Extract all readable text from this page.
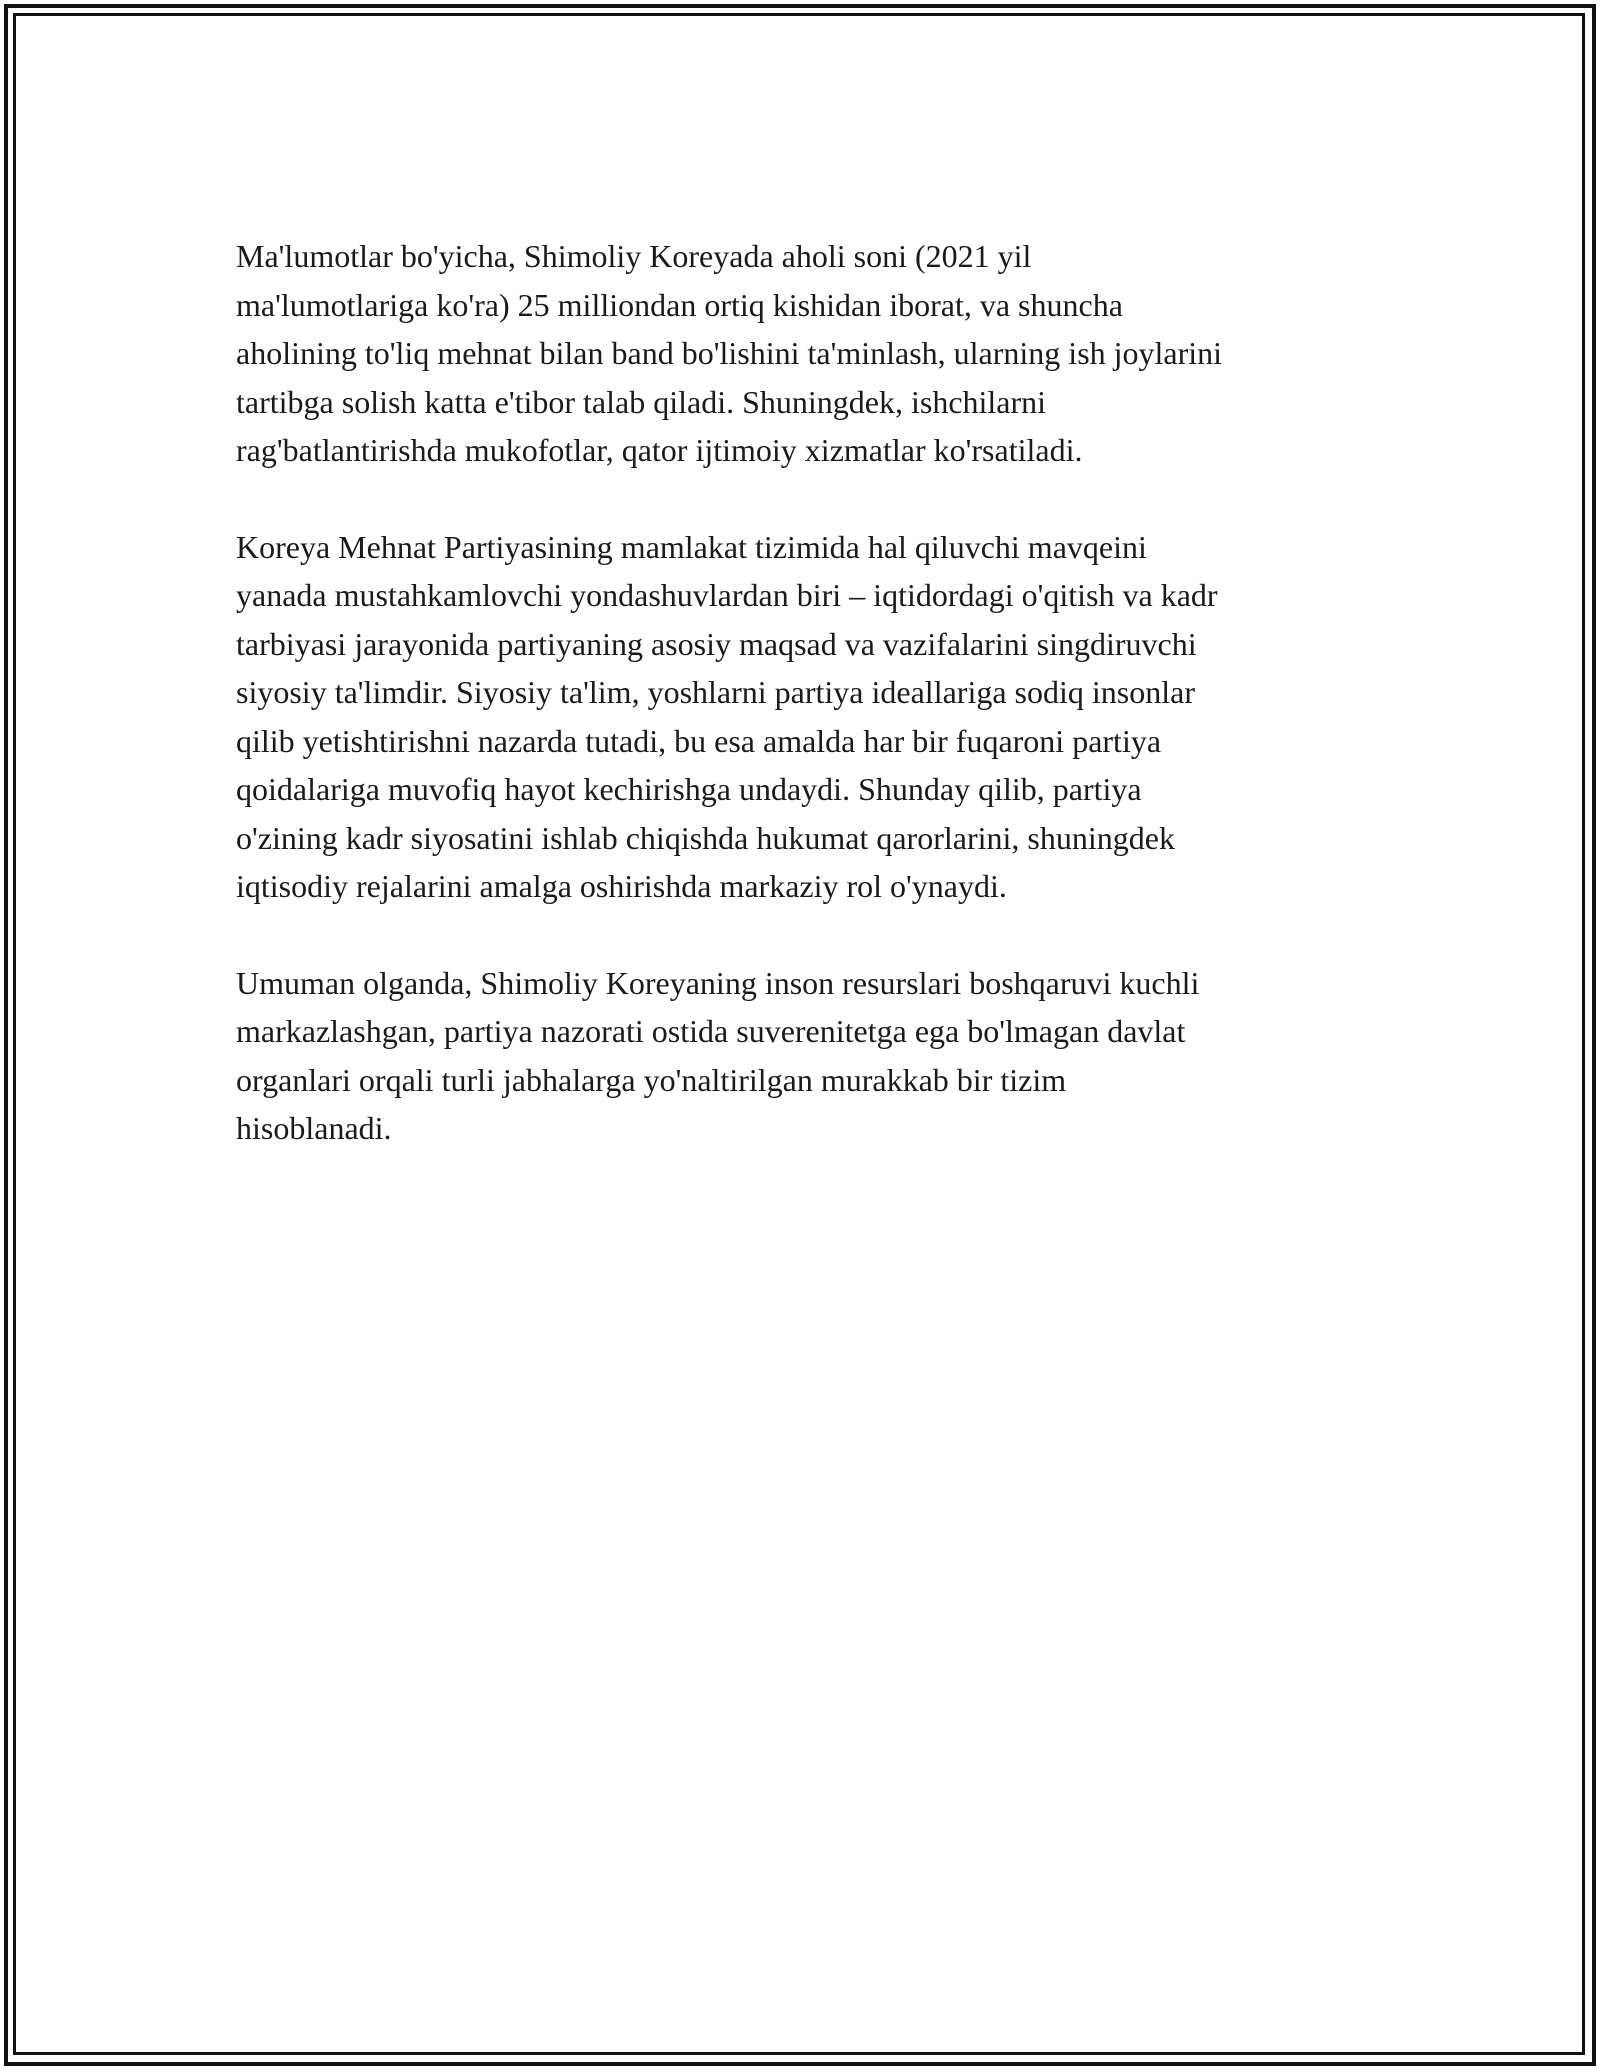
Ma'lumotlar bo'yicha, Shimoliy Koreyada aholi soni (2021 yil
ma'lumotlariga ko'ra) 25 milliondan ortiq kishidan iborat, va shuncha
aholining to'liq mehnat bilan band bo'lishini ta'minlash, ularning ish joylarini
tartibga solish katta e'tibor talab qiladi. Shuningdek, ishchilarni
rag'batlantirishda mukofotlar, qator ijtimoiy xizmatlar ko'rsatiladi.

Koreya Mehnat Partiyasining mamlakat tizimida hal qiluvchi mavqeini
yanada mustahkamlovchi yondashuvlardan biri – iqtidordagi o'qitish va kadr
tarbiyasi jarayonida partiyaning asosiy maqsad va vazifalarini singdiruvchi
siyosiy ta'limdir. Siyosiy ta'lim, yoshlarni partiya ideallariga sodiq insonlar
qilib yetishtirishni nazarda tutadi, bu esa amalda har bir fuqaroni partiya
qoidalariga muvofiq hayot kechirishga undaydi. Shunday qilib, partiya
o'zining kadr siyosatini ishlab chiqishda hukumat qarorlarini, shuningdek
iqtisodiy rejalarini amalga oshirishda markaziy rol o'ynaydi.

Umuman olganda, Shimoliy Koreyaning inson resurslari boshqaruvi kuchli
markazlashgan, partiya nazorati ostida suverenitetga ega bo'lmagan davlat
organlari orqali turli jabhalarga yo'naltirilgan murakkab bir tizim
hisoblanadi.
